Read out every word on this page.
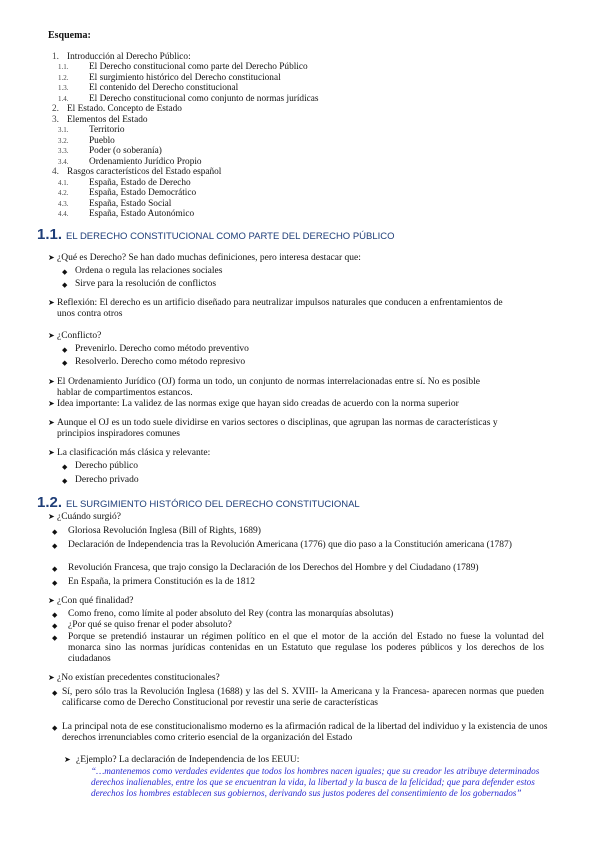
Esquema:
1. Introducción al Derecho Público:
1.1. El Derecho constitucional como parte del Derecho Público
1.2. El surgimiento histórico del Derecho constitucional
1.3. El contenido del Derecho constitucional
1.4. El Derecho constitucional como conjunto de normas jurídicas
2. El Estado. Concepto de Estado
3. Elementos del Estado
3.1. Territorio
3.2. Pueblo
3.3. Poder (o soberanía)
3.4. Ordenamiento Jurídico Propio
4. Rasgos característicos del Estado español
4.1. España, Estado de Derecho
4.2. España, Estado Democrático
4.3. España, Estado Social
4.4. España, Estado Autonómico
1.1. EL DERECHO CONSTITUCIONAL COMO PARTE DEL DERECHO PÚBLICO
➤ ¿Qué es Derecho? Se han dado muchas definiciones, pero interesa destacar que:
◆ Ordena o regula las relaciones sociales
◆ Sirve para la resolución de conflictos
➤ Reflexión: El derecho es un artificio diseñado para neutralizar impulsos naturales que conducen a enfrentamientos de unos contra otros
➤ ¿Conflicto?
◆ Prevenirlo. Derecho como método preventivo
◆ Resolverlo. Derecho como método represivo
➤ El Ordenamiento Jurídico (OJ) forma un todo, un conjunto de normas interrelacionadas entre sí. No es posible hablar de compartimentos estancos.
➤ Idea importante: La validez de las normas exige que hayan sido creadas de acuerdo con la norma superior
➤ Aunque el OJ es un todo suele dividirse en varios sectores o disciplinas, que agrupan las normas de características y principios inspiradores comunes
➤ La clasificación más clásica y relevante:
◆ Derecho público
◆ Derecho privado
1.2. EL SURGIMIENTO HISTÓRICO DEL DERECHO CONSTITUCIONAL
➤ ¿Cuándo surgió?
◆ Gloriosa Revolución Inglesa (Bill of Rights, 1689)
◆ Declaración de Independencia tras la Revolución Americana (1776) que dio paso a la Constitución americana (1787)
◆ Revolución Francesa, que trajo consigo la Declaración de los Derechos del Hombre y del Ciudadano (1789)
◆ En España, la primera Constitución es la de 1812
➤ ¿Con qué finalidad?
◆ Como freno, como límite al poder absoluto del Rey (contra las monarquías absolutas)
◆ ¿Por qué se quiso frenar el poder absoluto?
◆ Porque se pretendió instaurar un régimen político en el que el motor de la acción del Estado no fuese la voluntad del monarca sino las normas jurídicas contenidas en un Estatuto que regulase los poderes públicos y los derechos de los ciudadanos
➤ ¿No existían precedentes constitucionales?
◆ Sí, pero sólo tras la Revolución Inglesa (1688) y las del S. XVIII- la Americana y la Francesa- aparecen normas que pueden calificarse como de Derecho Constitucional por revestir una serie de características
◆ La principal nota de ese constitucionalismo moderno es la afirmación radical de la libertad del individuo y la existencia de unos derechos irrenunciables como criterio esencial de la organización del Estado
➤ ¿Ejemplo? La declaración de Independencia de los EEUU:
“…mantenemos como verdades evidentes que todos los hombres nacen iguales; que su creador les atribuye determinados derechos inalienables, entre los que se encuentran la vida, la libertad y la busca de la felicidad; que para defender estos derechos los hombres establecen sus gobiernos, derivando sus justos poderes del consentimiento de los gobernados”
